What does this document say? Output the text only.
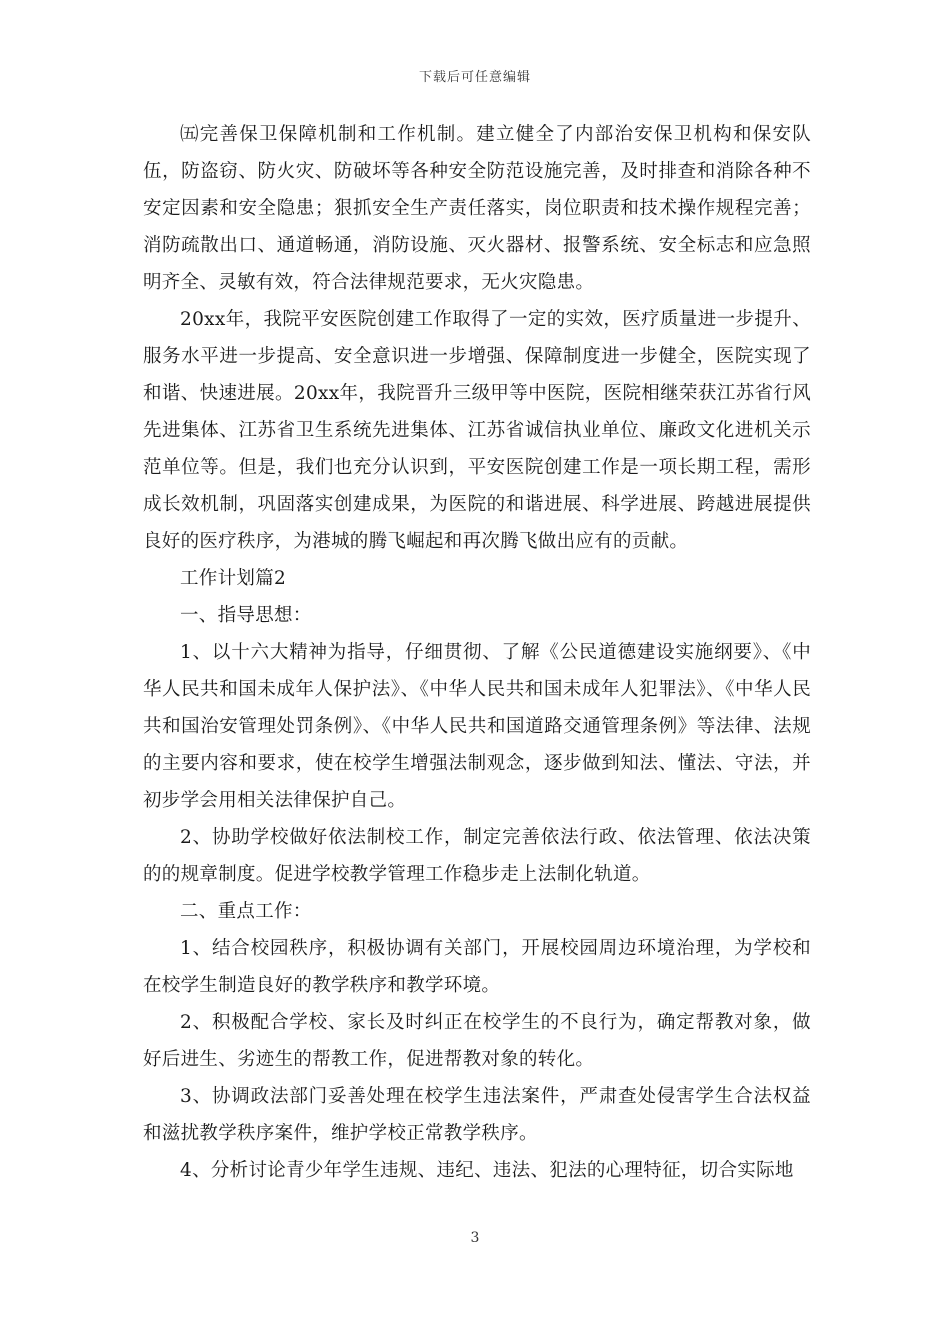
下载后可任意编辑

㈤完善保卫保障机制和工作机制。建立健全了内部治安保卫机构和保安队伍，防盗窃、防火灾、防破坏等各种安全防范设施完善，及时排查和消除各种不安定因素和安全隐患；狠抓安全生产责任落实，岗位职责和技术操作规程完善；消防疏散出口、通道畅通，消防设施、灭火器材、报警系统、安全标志和应急照明齐全、灵敏有效，符合法律规范要求，无火灾隐患。

20xx年，我院平安医院创建工作取得了一定的实效，医疗质量进一步提升、服务水平进一步提高、安全意识进一步增强、保障制度进一步健全，医院实现了和谐、快速进展。20xx年，我院晋升三级甲等中医院，医院相继荣获江苏省行风先进集体、江苏省卫生系统先进集体、江苏省诚信执业单位、廉政文化进机关示范单位等。但是，我们也充分认识到，平安医院创建工作是一项长期工程，需形成长效机制，巩固落实创建成果，为医院的和谐进展、科学进展、跨越进展提供良好的医疗秩序，为港城的腾飞崛起和再次腾飞做出应有的贡献。

工作计划篇2

一、指导思想：

1、以十六大精神为指导，仔细贯彻、了解《公民道德建设实施纲要》、《中华人民共和国未成年人保护法》、《中华人民共和国未成年人犯罪法》、《中华人民共和国治安管理处罚条例》、《中华人民共和国道路交通管理条例》等法律、法规的主要内容和要求，使在校学生增强法制观念，逐步做到知法、懂法、守法，并初步学会用相关法律保护自己。

2、协助学校做好依法制校工作，制定完善依法行政、依法管理、依法决策的的规章制度。促进学校教学管理工作稳步走上法制化轨道。

二、重点工作：

1、结合校园秩序，积极协调有关部门，开展校园周边环境治理，为学校和在校学生制造良好的教学秩序和教学环境。

2、积极配合学校、家长及时纠正在校学生的不良行为，确定帮教对象，做好后进生、劣迹生的帮教工作，促进帮教对象的转化。

3、协调政法部门妥善处理在校学生违法案件，严肃查处侵害学生合法权益和滋扰教学秩序案件，维护学校正常教学秩序。

4、分析讨论青少年学生违规、违纪、违法、犯法的心理特征，切合实际地

3
